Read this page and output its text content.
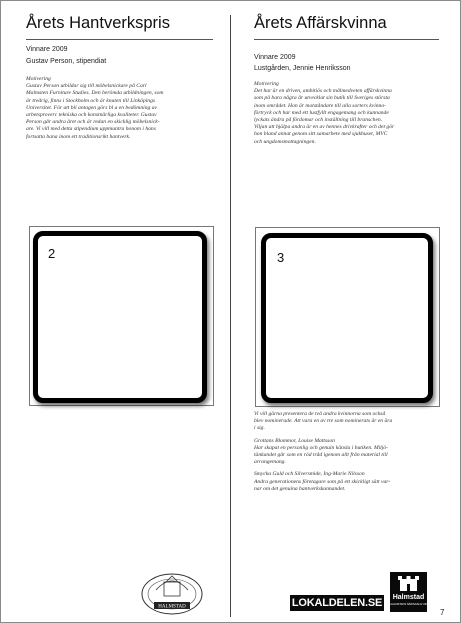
Årets Hantverkspris
Vinnare 2009
Gustav Person, stipendiat

Motivering

Gustav Person utbildar sig till möbelsnickare på Carl

Malmsten Furniture Studies. Den berömda utbildningen, som

är treårig, finns i Stockholm och är knuten till Linköpings

Universitet. För att bli antagen görs bl a en bedömning av

arbetsproverс tekniska och konstnärliga kvaliteter. Gustav

Person går andra året och är redan en skicklig möbelsnick-

are. Vi vill med detta stipendium uppmuntra honom i hans

fortsatta bana inom ett traditionsrikt hantverk.

2
Årets Affärskvinna
Vinnare 2009
Lustgården, Jennie Henriksson

Motivering

Det har är en driven, ambitiös och målmedveten affärskvinna

som på bara några år utvecklat sin butik till Sveriges största

inom området. Hon är motståndare till alla sorters kvinno-

förtryck och har med ett lustfyllt engagemang och kunnande

lyckats ändra på fördomar och inställning till branschen.

Viljan att hjälpa andra är en av hennes drivkrafter och det gör

hon bland annat genom sitt samarbete med sjukhuset, MVC

och ungdomsmottagningen.

Vi vill gärna presentera de två andra kvinnorna som också
blev nominerade. Att vara en av tre som nominerats är en ära
i sig.

Grottans Blommor, Louise Mattsson
Har skapat en personlig och genuin känsla i butiken. Miljö-
tänkandet går som en röd tråd igenom allt från material till
arrangemang.

Smycka Guld och Silversmide, Ing-Marie Nilsson
Andra generationens företagare som på ett skickligt sätt var-
nar om det genuina hantverkskunnandet.

3
HALMSTAD	LOKALDELEN.SE	Halmstad
HALMSTADS NÄRINGSLIV AB
7
